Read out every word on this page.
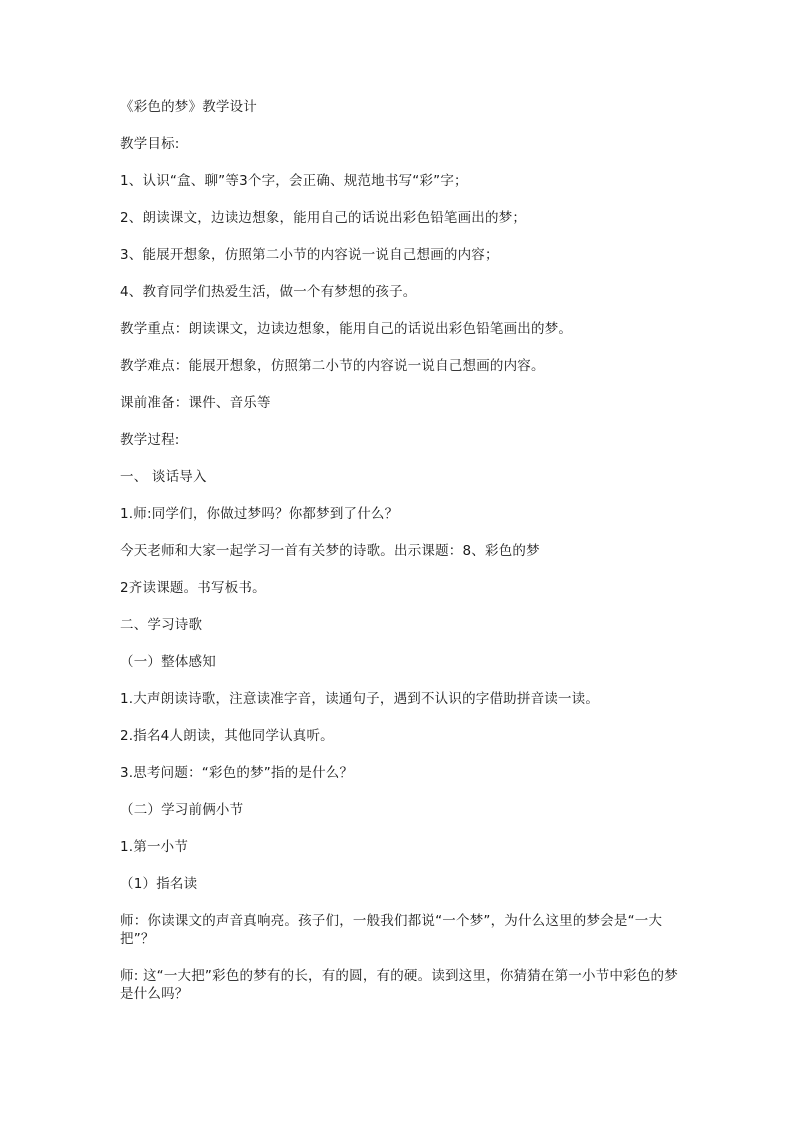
《彩色的梦》教学设计

教学目标:

1、认识“盒、聊”等3个字，会正确、规范地书写“彩”字；

2、朗读课文，边读边想象，能用自己的话说出彩色铅笔画出的梦；

3、能展开想象，仿照第二小节的内容说一说自己想画的内容；

4、教育同学们热爱生活，做一个有梦想的孩子。

教学重点：朗读课文，边读边想象，能用自己的话说出彩色铅笔画出的梦。

教学难点：能展开想象，仿照第二小节的内容说一说自己想画的内容。

课前准备：课件、音乐等

教学过程:

一、 谈话导入

1.师:同学们，你做过梦吗？你都梦到了什么？

今天老师和大家一起学习一首有关梦的诗歌。出示课题：8、彩色的梦

2齐读课题。书写板书。

二、学习诗歌

（一）整体感知

1.大声朗读诗歌，注意读准字音，读通句子，遇到不认识的字借助拼音读一读。

2.指名4人朗读，其他同学认真听。

3.思考问题：“彩色的梦”指的是什么？

（二）学习前俩小节

1.第一小节

（1）指名读

师：你读课文的声音真响亮。孩子们，一般我们都说“一个梦”，为什么这里的梦会是“一大把”？

师: 这“一大把”彩色的梦有的长，有的圆，有的硬。读到这里，你猜猜在第一小节中彩色的梦是什么吗？
